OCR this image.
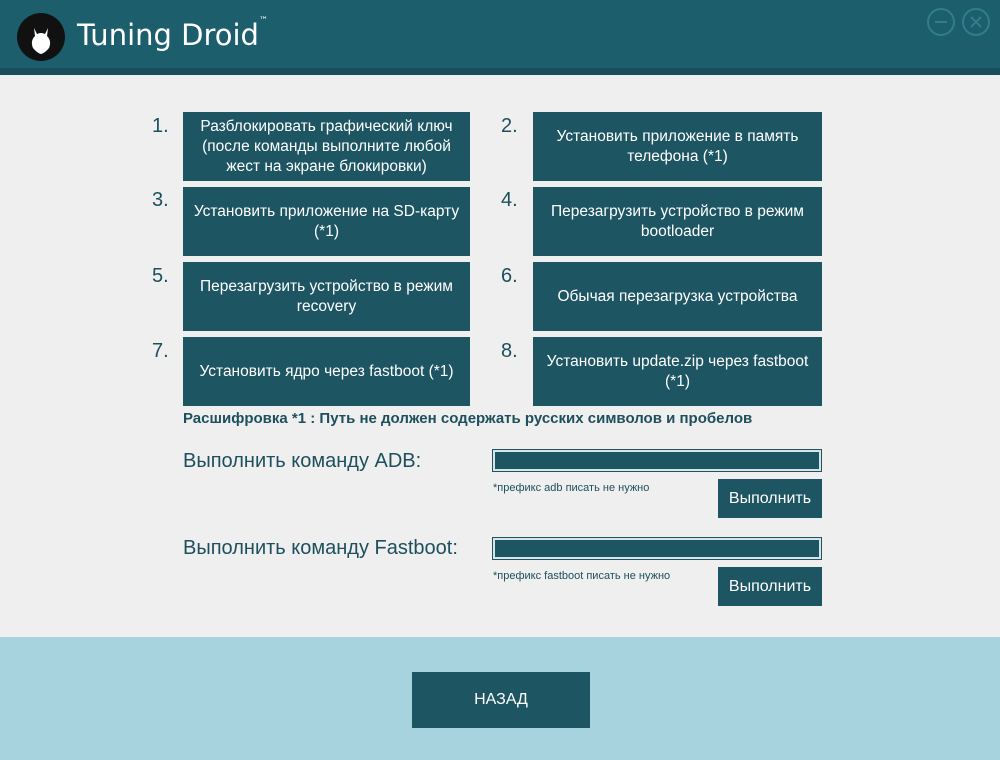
Tuning Droid™
1.	Разблокировать графический ключ (после команды выполните любой жест на экране блокировки)
2.	Установить приложение в память телефона (*1)
3.	Установить приложение на SD-карту (*1)
4.	Перезагрузить устройство в режим bootloader
5.	Перезагрузить устройство в режим recovery
6.
Обычая перезагрузка устройства
7.
Установить ядро через fastboot (*1)
8.	Установить update.zip через fastboot (*1)
Расшифровка *1 : Путь не должен содержать русских символов и пробелов
Выполнить команду ADB:
*префикс adb писать не нужно
Выполнить
Выполнить команду Fastboot:
*префикс fastboot писать не нужно
Выполнить
НАЗАД
